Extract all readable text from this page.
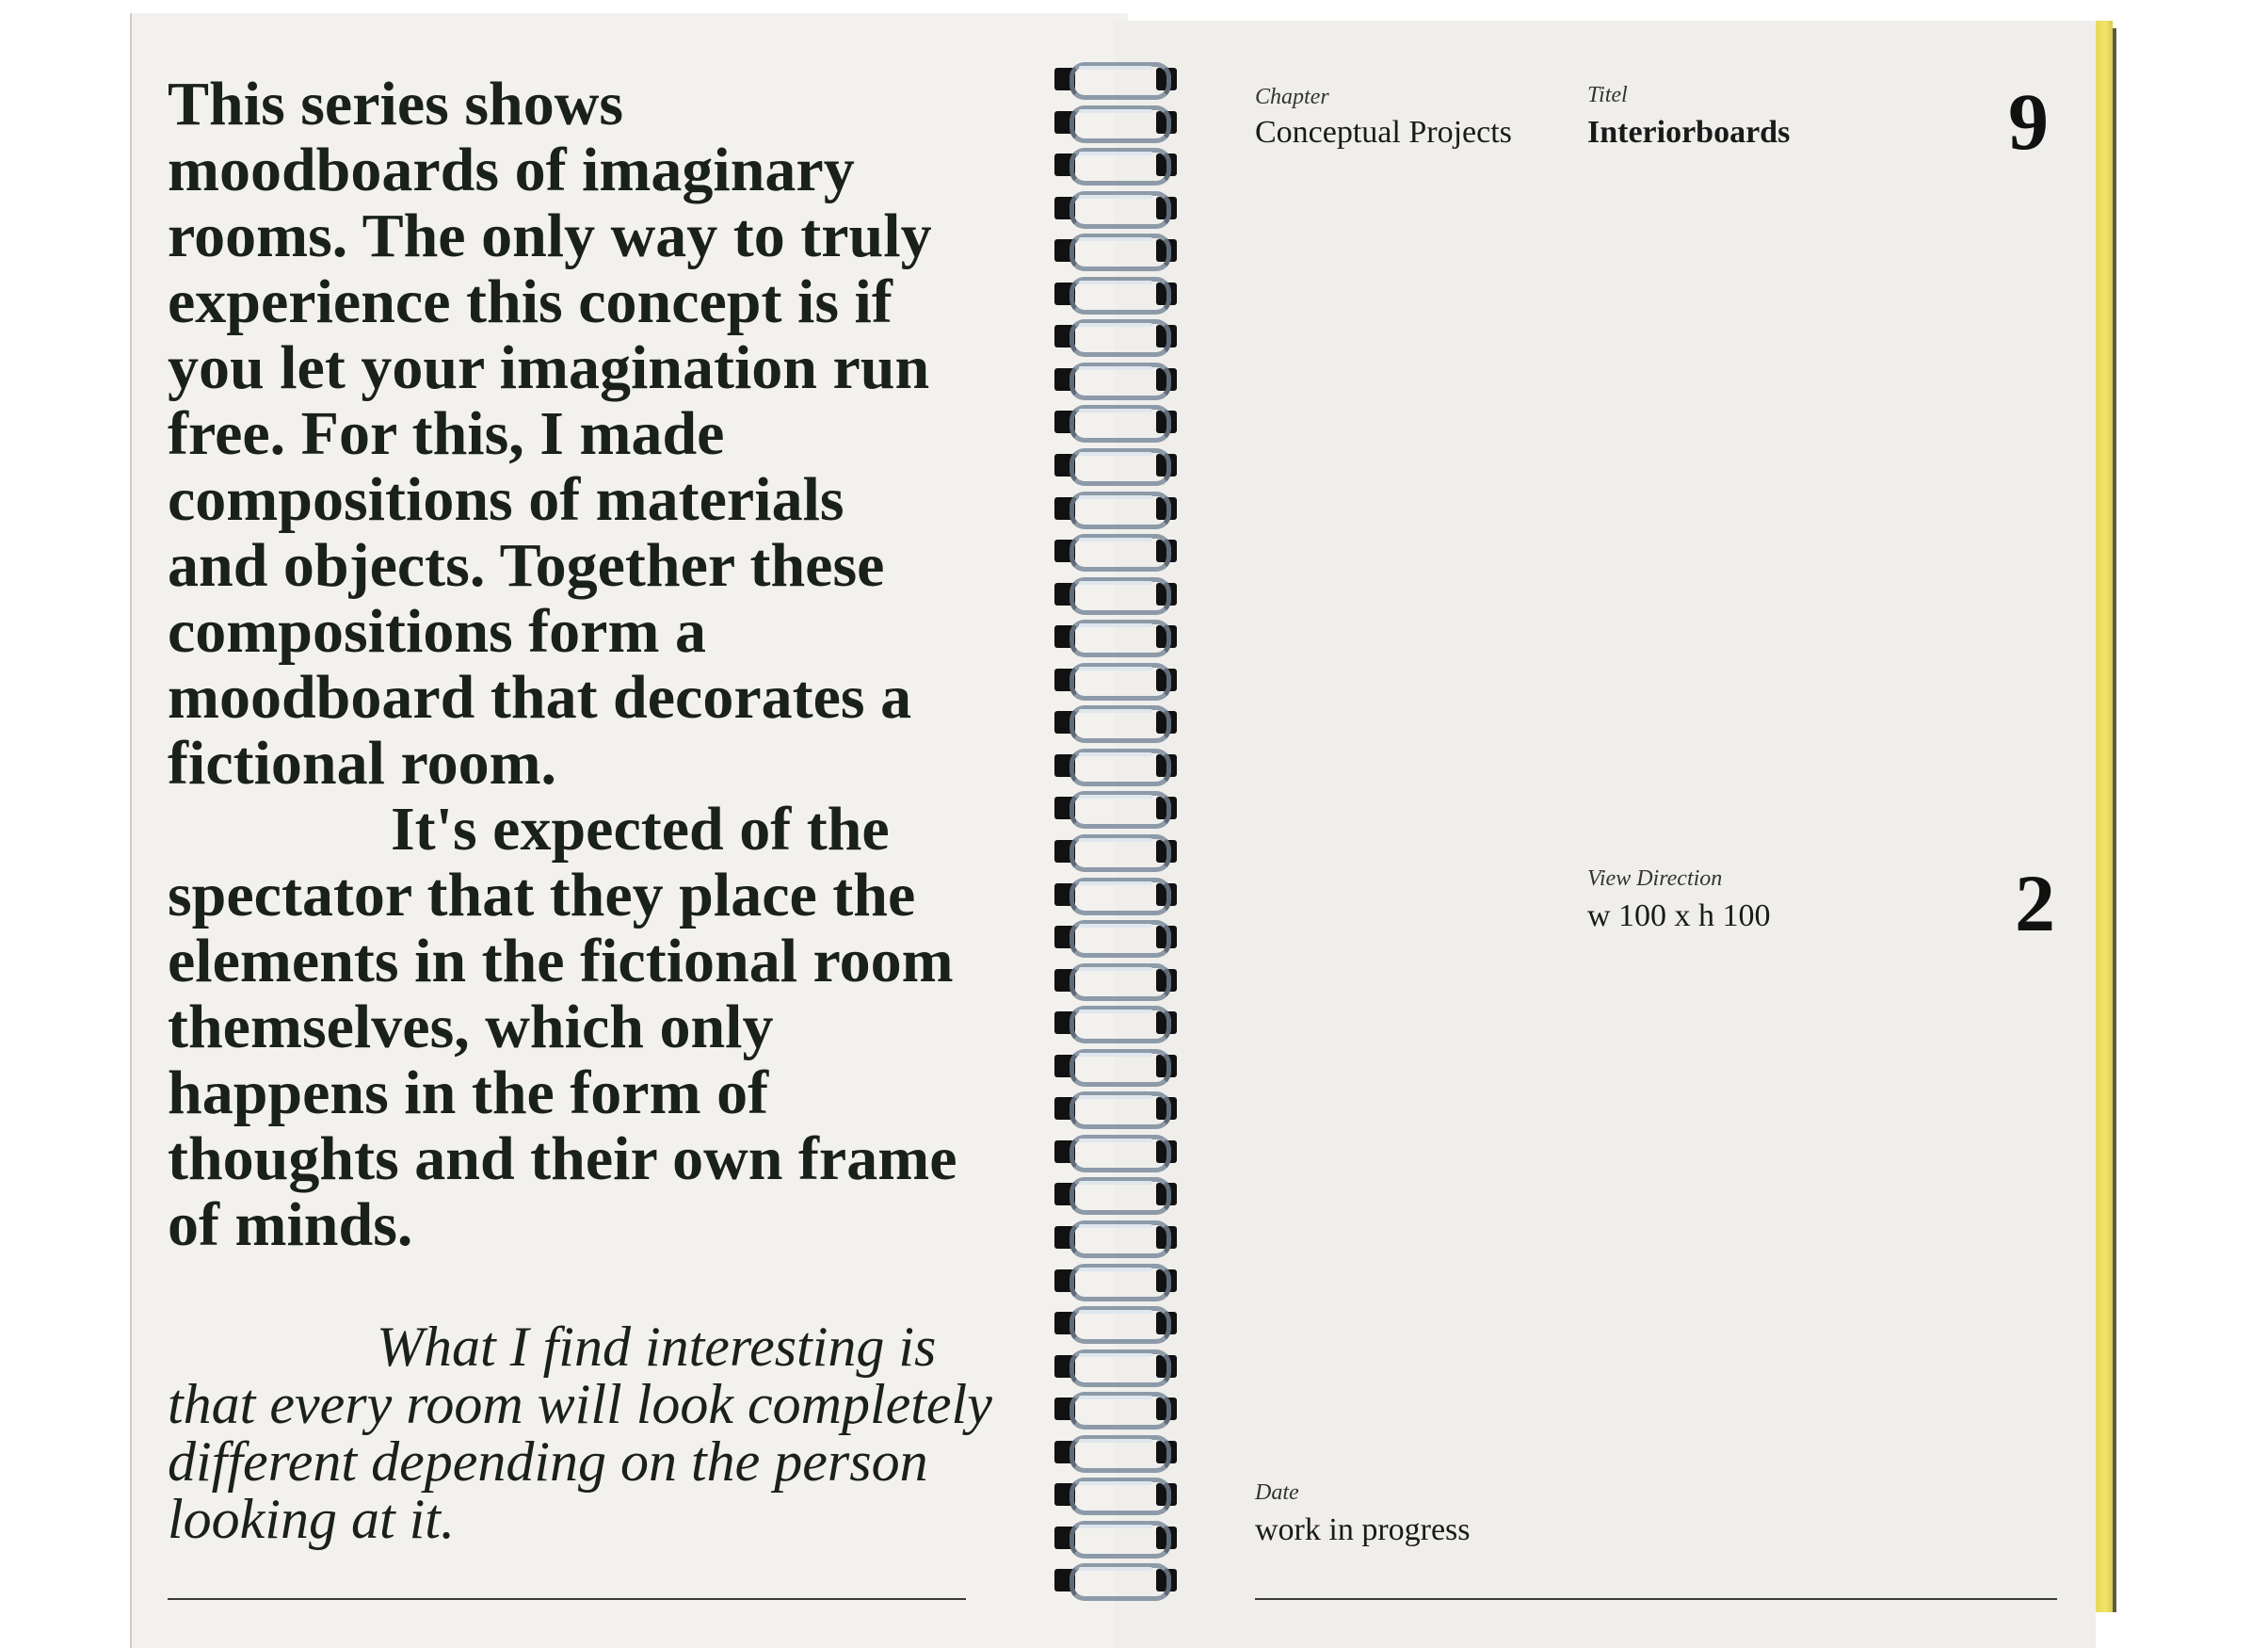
This series shows moodboards of imaginary rooms. The only way to truly experience this concept is if you let your imagination run free. For this, I made compositions of materials and objects. Together these compositions form a moodboard that decorates a fictional room.

It's expected of the spectator that they place the elements in the fictional room themselves, which only happens in the form of thoughts and their own frame of minds.

What I find interesting is that every room will look completely different depending on the person looking at it.
Chapter
Conceptual Projects
Titel
Interiorboards	9
View Direction
w 100 x h 100	2
Date
work in progress
